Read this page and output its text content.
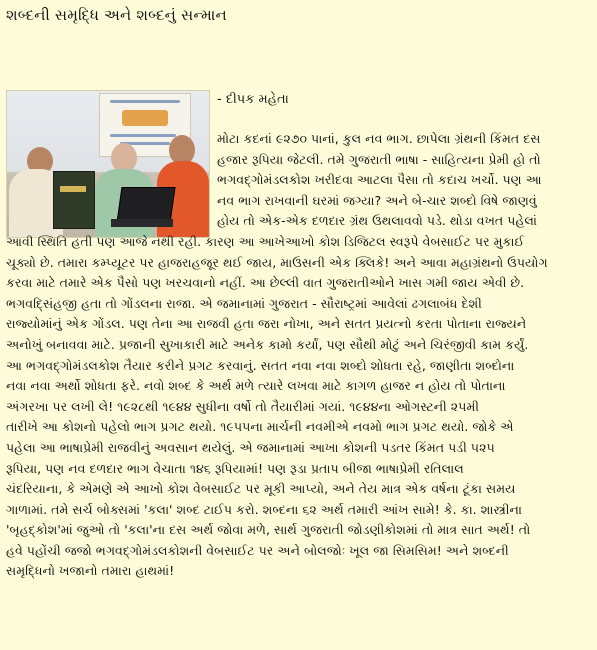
શબ્દની સમૃદ્ધિ અને શબ્દનું સન્માન

- દીપક મહેતા

મોટા કદનાં ૯૨૭૦ પાનાં, કુલ નવ ભાગ. છાપેલા ગ્રંથની કિંમત દસ
હજાર રૂપિયા જેટલી. તમે ગુજરાતી ભાષા - સાહિત્યના પ્રેમી હો તો
ભગવદ્ગોમંડલકોશ ખરીદવા આટલા પૈસા તો કદાચ ખર્ચો. પણ આ
નવ ભાગ રાખવાની ઘરમાં જગ્યા? અને બે-ચાર શબ્દો વિષે જાણવું
હોય તો એક-એક દળદાર ગ્રંથ ઉથલાવવો પડે. થોડા વખત પહેલાં
આવી સ્થિતિ હતી પણ આજે નથી રહી. કારણ આ આખેઆખો કોશ ડિજિટલ સ્વરૂપે વેબસાઈટ પર મુકાઈ
ચૂક્યો છે. તમારા કમ્પ્યૂટર પર હાજરાહજૂર થઈ જાય, માઉસની એક ક્લિકે! અને આવા મહાગ્રંથનો ઉપયોગ
કરવા માટે તમારે એક પૈસો પણ ખરચવાનો નહીં. આ છેલ્લી વાત ગુજરાતીઓને ખાસ ગમી જાય એવી છે.
ભગવદ્સિંહજી હતા તો ગોંડલના રાજા. એ જમાનામાં ગુજરાત - સૌરાષ્ટ્રમાં આવેલાં ઢગલાબંધ દેશી
રાજ્યોમાંનું એક ગોંડલ. પણ તેના આ રાજવી હતા જરા નોખા, અને સતત પ્રયત્નો કરતા પોતાના રાજ્યને
અનોખું બનાવવા માટે. પ્રજાની સુખાકારી માટે અનેક કામો કર્યાં, પણ સૌથી મોટું અને ચિરંજીવી કામ કર્યું.
આ ભગવદ્ગોમંડલકોશ તૈયાર કરીને પ્રગટ કરવાનું. સતત નવા નવા શબ્દો શોધતા રહે, જાણીતા શબ્દોના
નવા નવા અર્થો શોધતા ફરે. નવો શબ્દ કે અર્થ મળે ત્યારે લખવા માટે કાગળ હાજર ન હોય તો પોતાના
અંગરખા પર લખી લે! ૧૯૨૮થી ૧૯૪૪ સુધીના વર્ષો તો તૈયારીમાં ગયાં. ૧૯૪૪ના ઓગસ્ટની ૨૫મી
તારીખે આ કોશનો પહેલો ભાગ પ્રગટ થયો. ૧૯૫૫ના માર્ચની નવમીએ નવમો ભાગ પ્રગટ થયો. જોકે એ
પહેલા આ ભાષાપ્રેમી રાજવીનું અવસાન થયેલું. એ જમાનામાં આખા કોશની પડતર કિંમત પડી ૫૨૫
રૂપિયા, પણ નવ દળદાર ભાગ વેચાતા ૧૪૬ રૂપિયામાં! પણ રૂડા પ્રતાપ બીજા ભાષાપ્રેમી રતિલાલ
ચંદરિયાના, કે એમણે એ આખો કોશ વેબસાઈટ પર મૂકી આપ્યો, અને તેય માત્ર એક વર્ષના ટૂંકા સમય
ગાળામાં. તમે સર્ચ બોક્સમાં 'કલા' શબ્દ ટાઈપ કરો. શબ્દના ૬૨ અર્થ તમારી આંખ સામે! કે. કા. શાસ્ત્રીના
'બૃહદ્કોશ'માં જુઓ તો 'કલા'ના દસ અર્થ જોવા મળે, સાર્થ ગુજરાતી જોડણીકોશમાં તો માત્ર સાત અર્થ! તો
હવે પહોંચી જજો ભગવદ્ગોમંડલકોશની વેબસાઈટ પર અને બોલજોઃ ખૂલ જા સિમસિમ! અને શબ્દની
સમૃદ્ધિનો ખજાનો તમારા હાથમાં!
